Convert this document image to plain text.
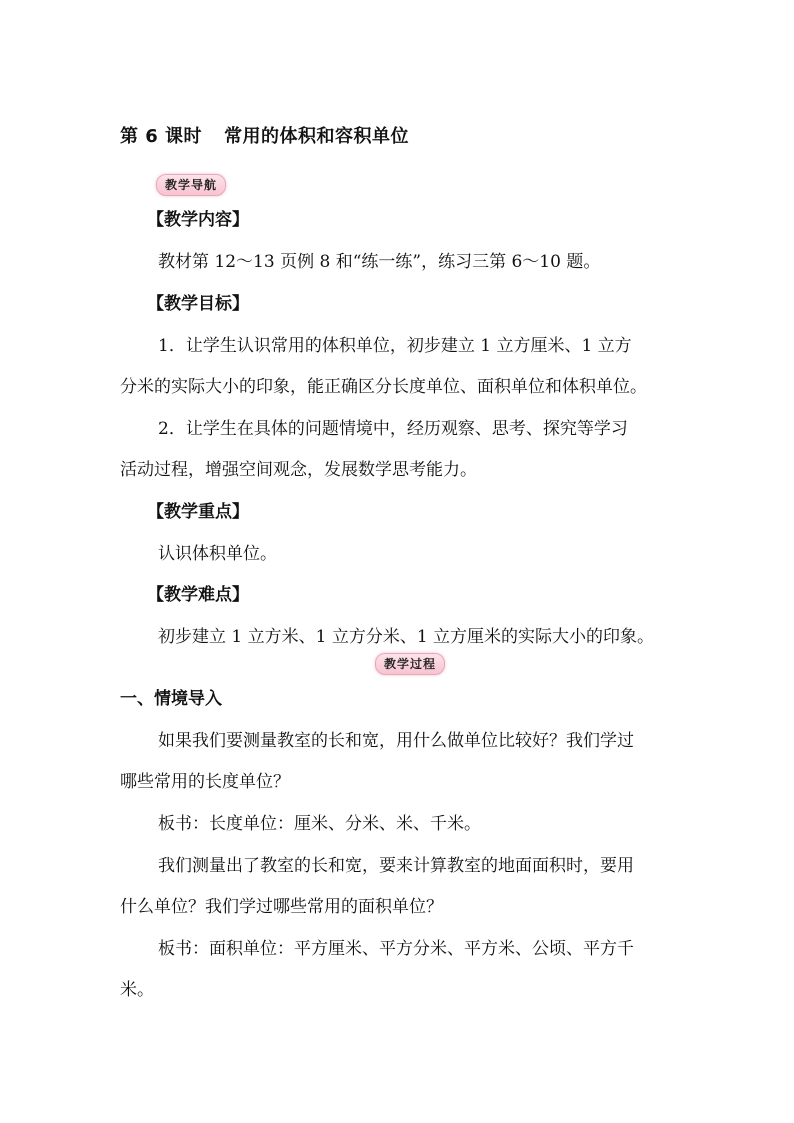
第 6 课时 常用的体积和容积单位
教学导航
【教学内容】
教材第 12～13 页例 8 和“练一练”，练习三第 6～10 题。
【教学目标】
1．让学生认识常用的体积单位，初步建立 1 立方厘米、1 立方
分米的实际大小的印象，能正确区分长度单位、面积单位和体积单位。
2．让学生在具体的问题情境中，经历观察、思考、探究等学习
活动过程，增强空间观念，发展数学思考能力。
【教学重点】
认识体积单位。
【教学难点】
初步建立 1 立方米、1 立方分米、1 立方厘米的实际大小的印象。
教学过程
一、情境导入
如果我们要测量教室的长和宽，用什么做单位比较好？我们学过
哪些常用的长度单位？
板书：长度单位：厘米、分米、米、千米。
我们测量出了教室的长和宽，要来计算教室的地面面积时，要用
什么单位？我们学过哪些常用的面积单位？
板书：面积单位：平方厘米、平方分米、平方米、公顷、平方千
米。
